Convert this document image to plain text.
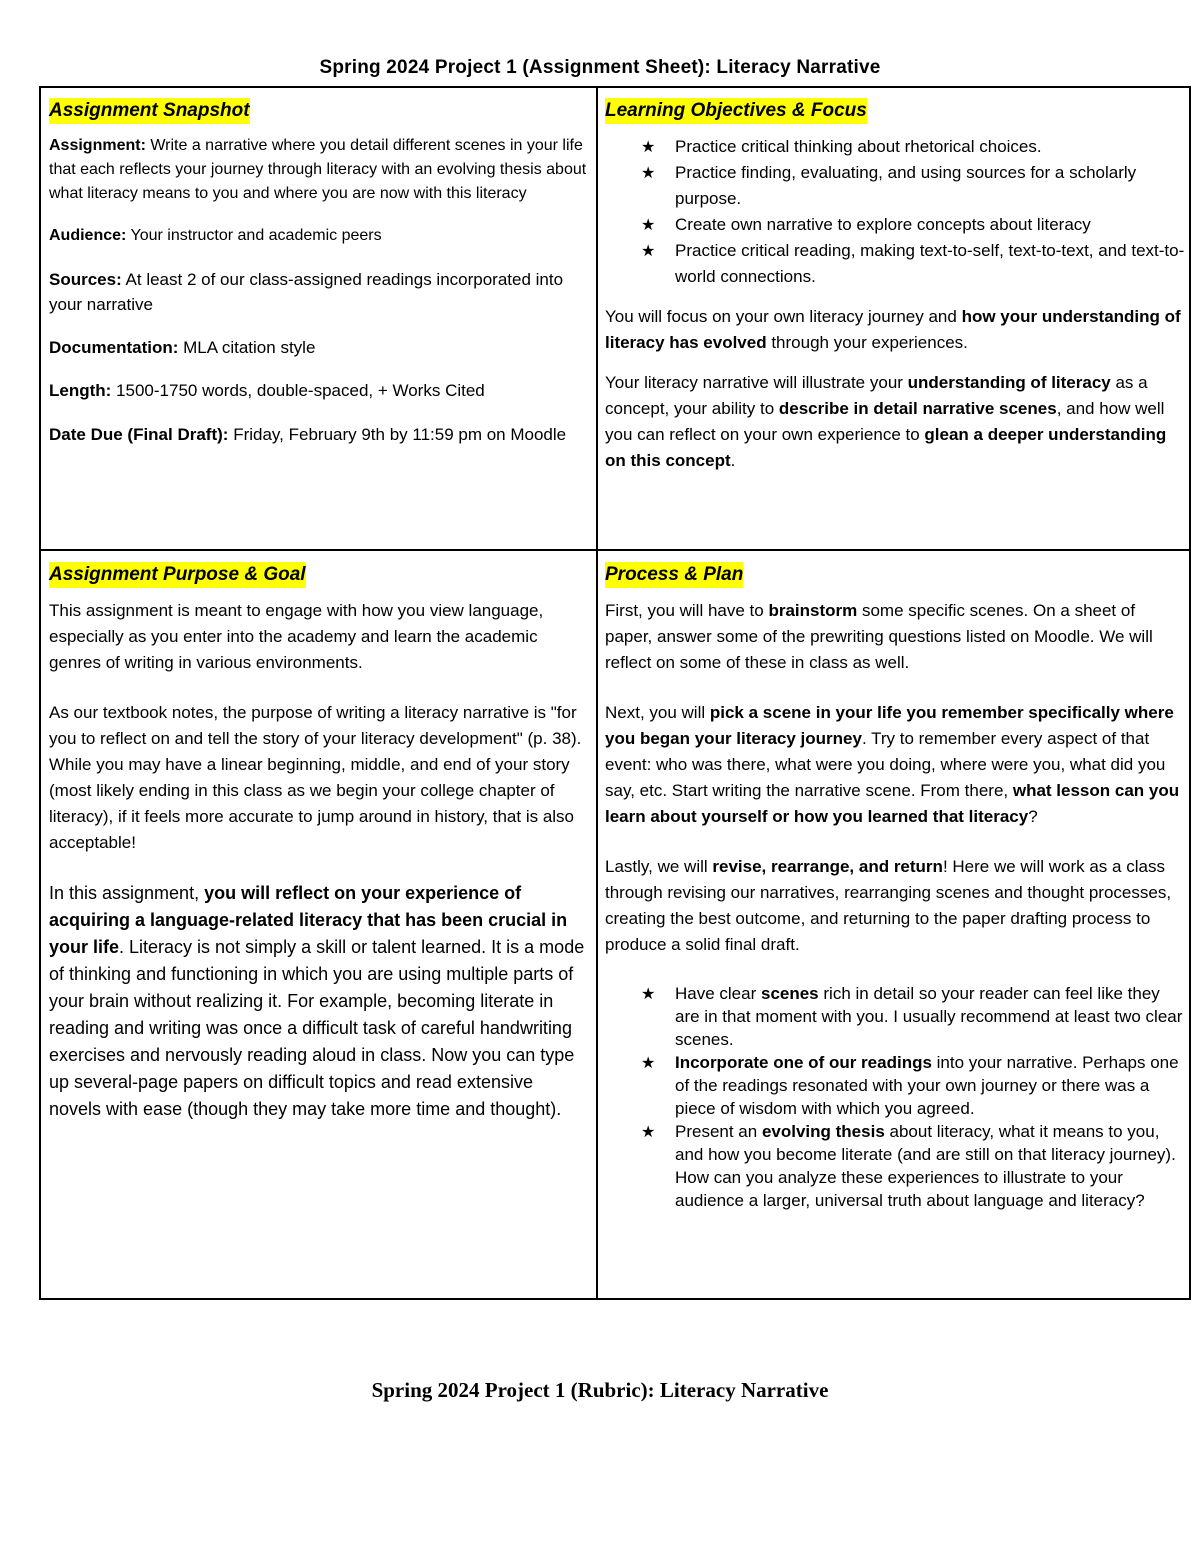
Spring 2024 Project 1 (Assignment Sheet): Literacy Narrative
Assignment Snapshot

Assignment: Write a narrative where you detail different scenes in your life that each reflects your journey through literacy with an evolving thesis about what literacy means to you and where you are now with this literacy

Audience: Your instructor and academic peers

Sources: At least 2 of our class-assigned readings incorporated into your narrative

Documentation: MLA citation style

Length: 1500-1750 words, double-spaced, + Works Cited

Date Due (Final Draft): Friday, February 9th by 11:59 pm on Moodle

Learning Objectives & Focus
★ Practice critical thinking about rhetorical choices.
★ Practice finding, evaluating, and using sources for a scholarly purpose.
★ Create own narrative to explore concepts about literacy
★ Practice critical reading, making text-to-self, text-to-text, and text-to-world connections.

You will focus on your own literacy journey and how your understanding of literacy has evolved through your experiences.

Your literacy narrative will illustrate your understanding of literacy as a concept, your ability to describe in detail narrative scenes, and how well you can reflect on your own experience to glean a deeper understanding on this concept.

Assignment Purpose & Goal

This assignment is meant to engage with how you view language, especially as you enter into the academy and learn the academic genres of writing in various environments.

As our textbook notes, the purpose of writing a literacy narrative is "for you to reflect on and tell the story of your literacy development" (p. 38). While you may have a linear beginning, middle, and end of your story (most likely ending in this class as we begin your college chapter of literacy), if it feels more accurate to jump around in history, that is also acceptable!

In this assignment, you will reflect on your experience of acquiring a language-related literacy that has been crucial in your life. Literacy is not simply a skill or talent learned. It is a mode of thinking and functioning in which you are using multiple parts of your brain without realizing it. For example, becoming literate in reading and writing was once a difficult task of careful handwriting exercises and nervously reading aloud in class. Now you can type up several-page papers on difficult topics and read extensive novels with ease (though they may take more time and thought).

Process & Plan

First, you will have to brainstorm some specific scenes. On a sheet of paper, answer some of the prewriting questions listed on Moodle. We will reflect on some of these in class as well.

Next, you will pick a scene in your life you remember specifically where you began your literacy journey. Try to remember every aspect of that event: who was there, what were you doing, where were you, what did you say, etc. Start writing the narrative scene. From there, what lesson can you learn about yourself or how you learned that literacy?

Lastly, we will revise, rearrange, and return! Here we will work as a class through revising our narratives, rearranging scenes and thought processes, creating the best outcome, and returning to the paper drafting process to produce a solid final draft.

★ Have clear scenes rich in detail so your reader can feel like they are in that moment with you. I usually recommend at least two clear scenes.
★ Incorporate one of our readings into your narrative. Perhaps one of the readings resonated with your own journey or there was a piece of wisdom with which you agreed.
★ Present an evolving thesis about literacy, what it means to you, and how you become literate (and are still on that literacy journey). How can you analyze these experiences to illustrate to your audience a larger, universal truth about language and literacy?
Spring 2024 Project 1 (Rubric): Literacy Narrative
